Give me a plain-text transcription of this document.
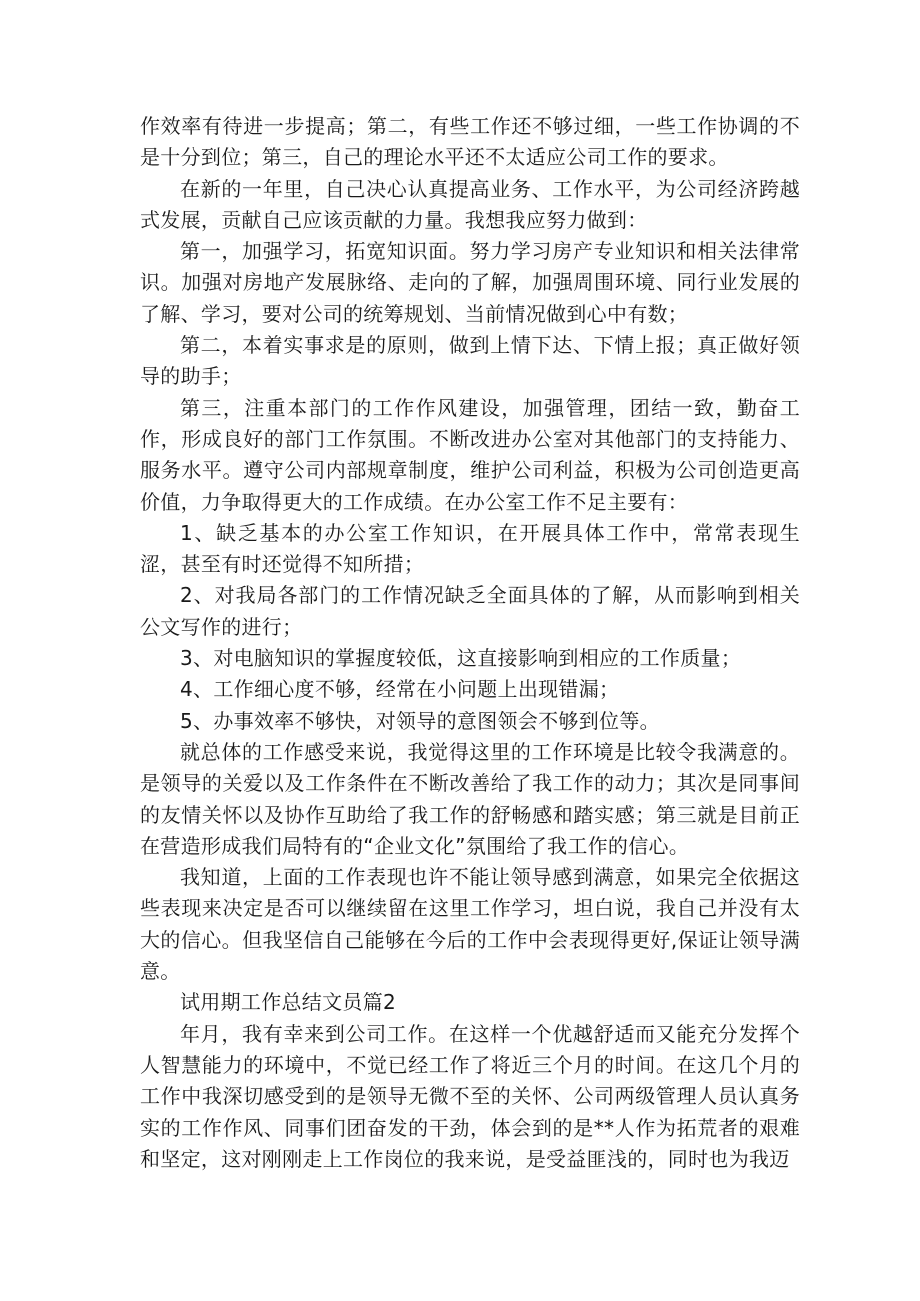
作效率有待进一步提高；第二，有些工作还不够过细，一些工作协调的不是十分到位；第三，自己的理论水平还不太适应公司工作的要求。

在新的一年里，自己决心认真提高业务、工作水平，为公司经济跨越式发展，贡献自己应该贡献的力量。我想我应努力做到：

第一，加强学习，拓宽知识面。努力学习房产专业知识和相关法律常识。加强对房地产发展脉络、走向的了解，加强周围环境、同行业发展的了解、学习，要对公司的统筹规划、当前情况做到心中有数；

第二，本着实事求是的原则，做到上情下达、下情上报；真正做好领导的助手；

第三，注重本部门的工作作风建设，加强管理，团结一致，勤奋工作，形成良好的部门工作氛围。不断改进办公室对其他部门的支持能力、服务水平。遵守公司内部规章制度，维护公司利益，积极为公司创造更高价值，力争取得更大的工作成绩。在办公室工作不足主要有：

1、缺乏基本的办公室工作知识，在开展具体工作中，常常表现生涩，甚至有时还觉得不知所措；

2、对我局各部门的工作情况缺乏全面具体的了解，从而影响到相关公文写作的进行；

3、对电脑知识的掌握度较低，这直接影响到相应的工作质量；

4、工作细心度不够，经常在小问题上出现错漏；

5、办事效率不够快，对领导的意图领会不够到位等。

就总体的工作感受来说，我觉得这里的工作环境是比较令我满意的。是领导的关爱以及工作条件在不断改善给了我工作的动力；其次是同事间的友情关怀以及协作互助给了我工作的舒畅感和踏实感；第三就是目前正在营造形成我们局特有的“企业文化”氛围给了我工作的信心。

我知道，上面的工作表现也许不能让领导感到满意，如果完全依据这些表现来决定是否可以继续留在这里工作学习，坦白说，我自己并没有太大的信心。但我坚信自己能够在今后的工作中会表现得更好,保证让领导满意。

试用期工作总结文员篇2

年月，我有幸来到公司工作。在这样一个优越舒适而又能充分发挥个人智慧能力的环境中，不觉已经工作了将近三个月的时间。在这几个月的工作中我深切感受到的是领导无微不至的关怀、公司两级管理人员认真务实的工作作风、同事们团奋发的干劲，体会到的是**人作为拓荒者的艰难和坚定，这对刚刚走上工作岗位的我来说，是受益匪浅的，同时也为我迈
